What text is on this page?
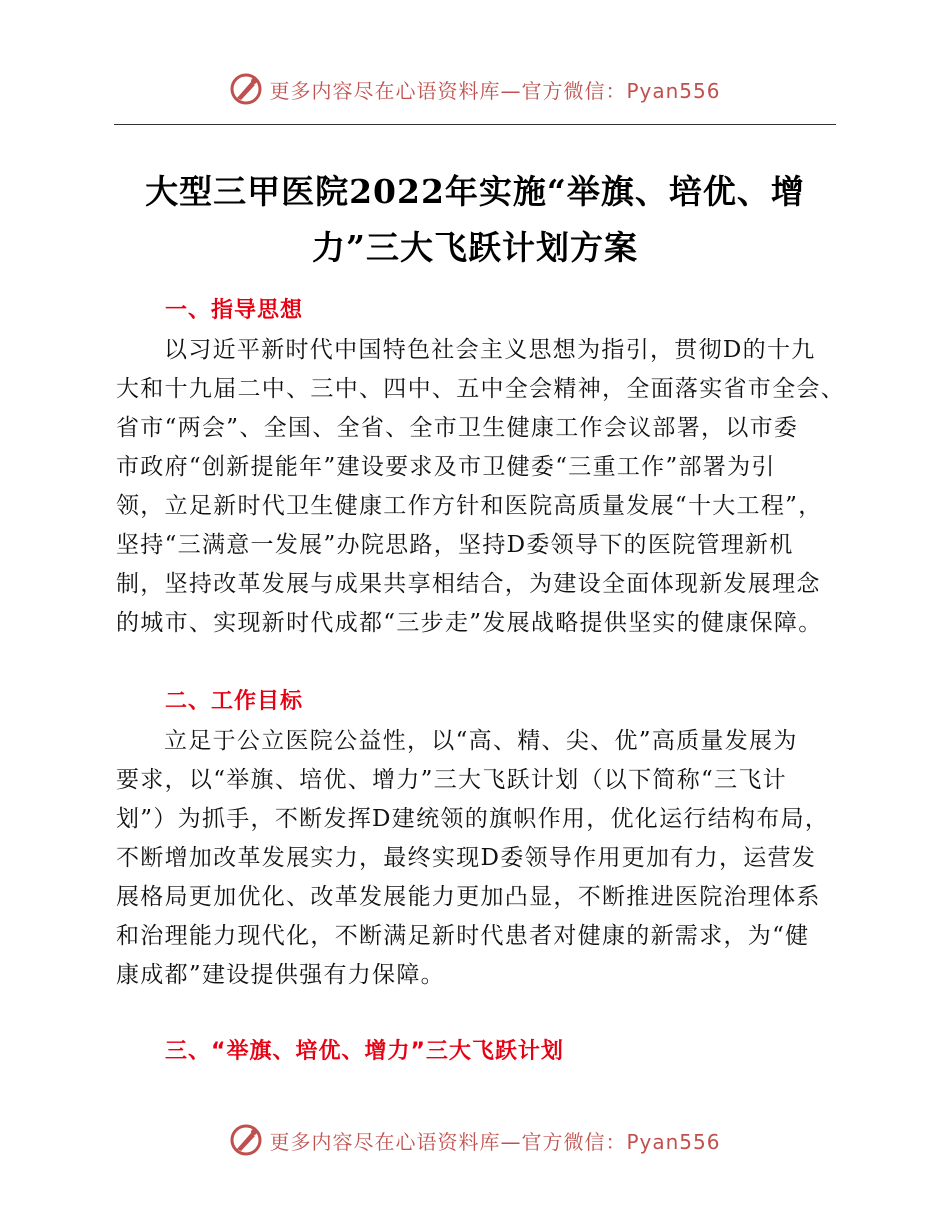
更多内容尽在心语资料库—官方微信：Pyan556
大型三甲医院2022年实施“举旗、培优、增
力”三大飞跃计划方案
一、指导思想

以习近平新时代中国特色社会主义思想为指引，贯彻D的十九
大和十九届二中、三中、四中、五中全会精神，全面落实省市全会、
省市“两会”、全国、全省、全市卫生健康工作会议部署，以市委
市政府“创新提能年”建设要求及市卫健委“三重工作”部署为引
领，立足新时代卫生健康工作方针和医院高质量发展“十大工程”，
坚持“三满意一发展”办院思路，坚持D委领导下的医院管理新机
制，坚持改革发展与成果共享相结合，为建设全面体现新发展理念
的城市、实现新时代成都“三步走”发展战略提供坚实的健康保障。

二、工作目标

立足于公立医院公益性，以“高、精、尖、优”高质量发展为
要求，以“举旗、培优、增力”三大飞跃计划（以下简称“三飞计
划”）为抓手，不断发挥D建统领的旗帜作用，优化运行结构布局，
不断增加改革发展实力，最终实现D委领导作用更加有力，运营发
展格局更加优化、改革发展能力更加凸显，不断推进医院治理体系
和治理能力现代化，不断满足新时代患者对健康的新需求，为“健
康成都”建设提供强有力保障。

三、“举旗、培优、增力”三大飞跃计划
更多内容尽在心语资料库—官方微信：Pyan556
